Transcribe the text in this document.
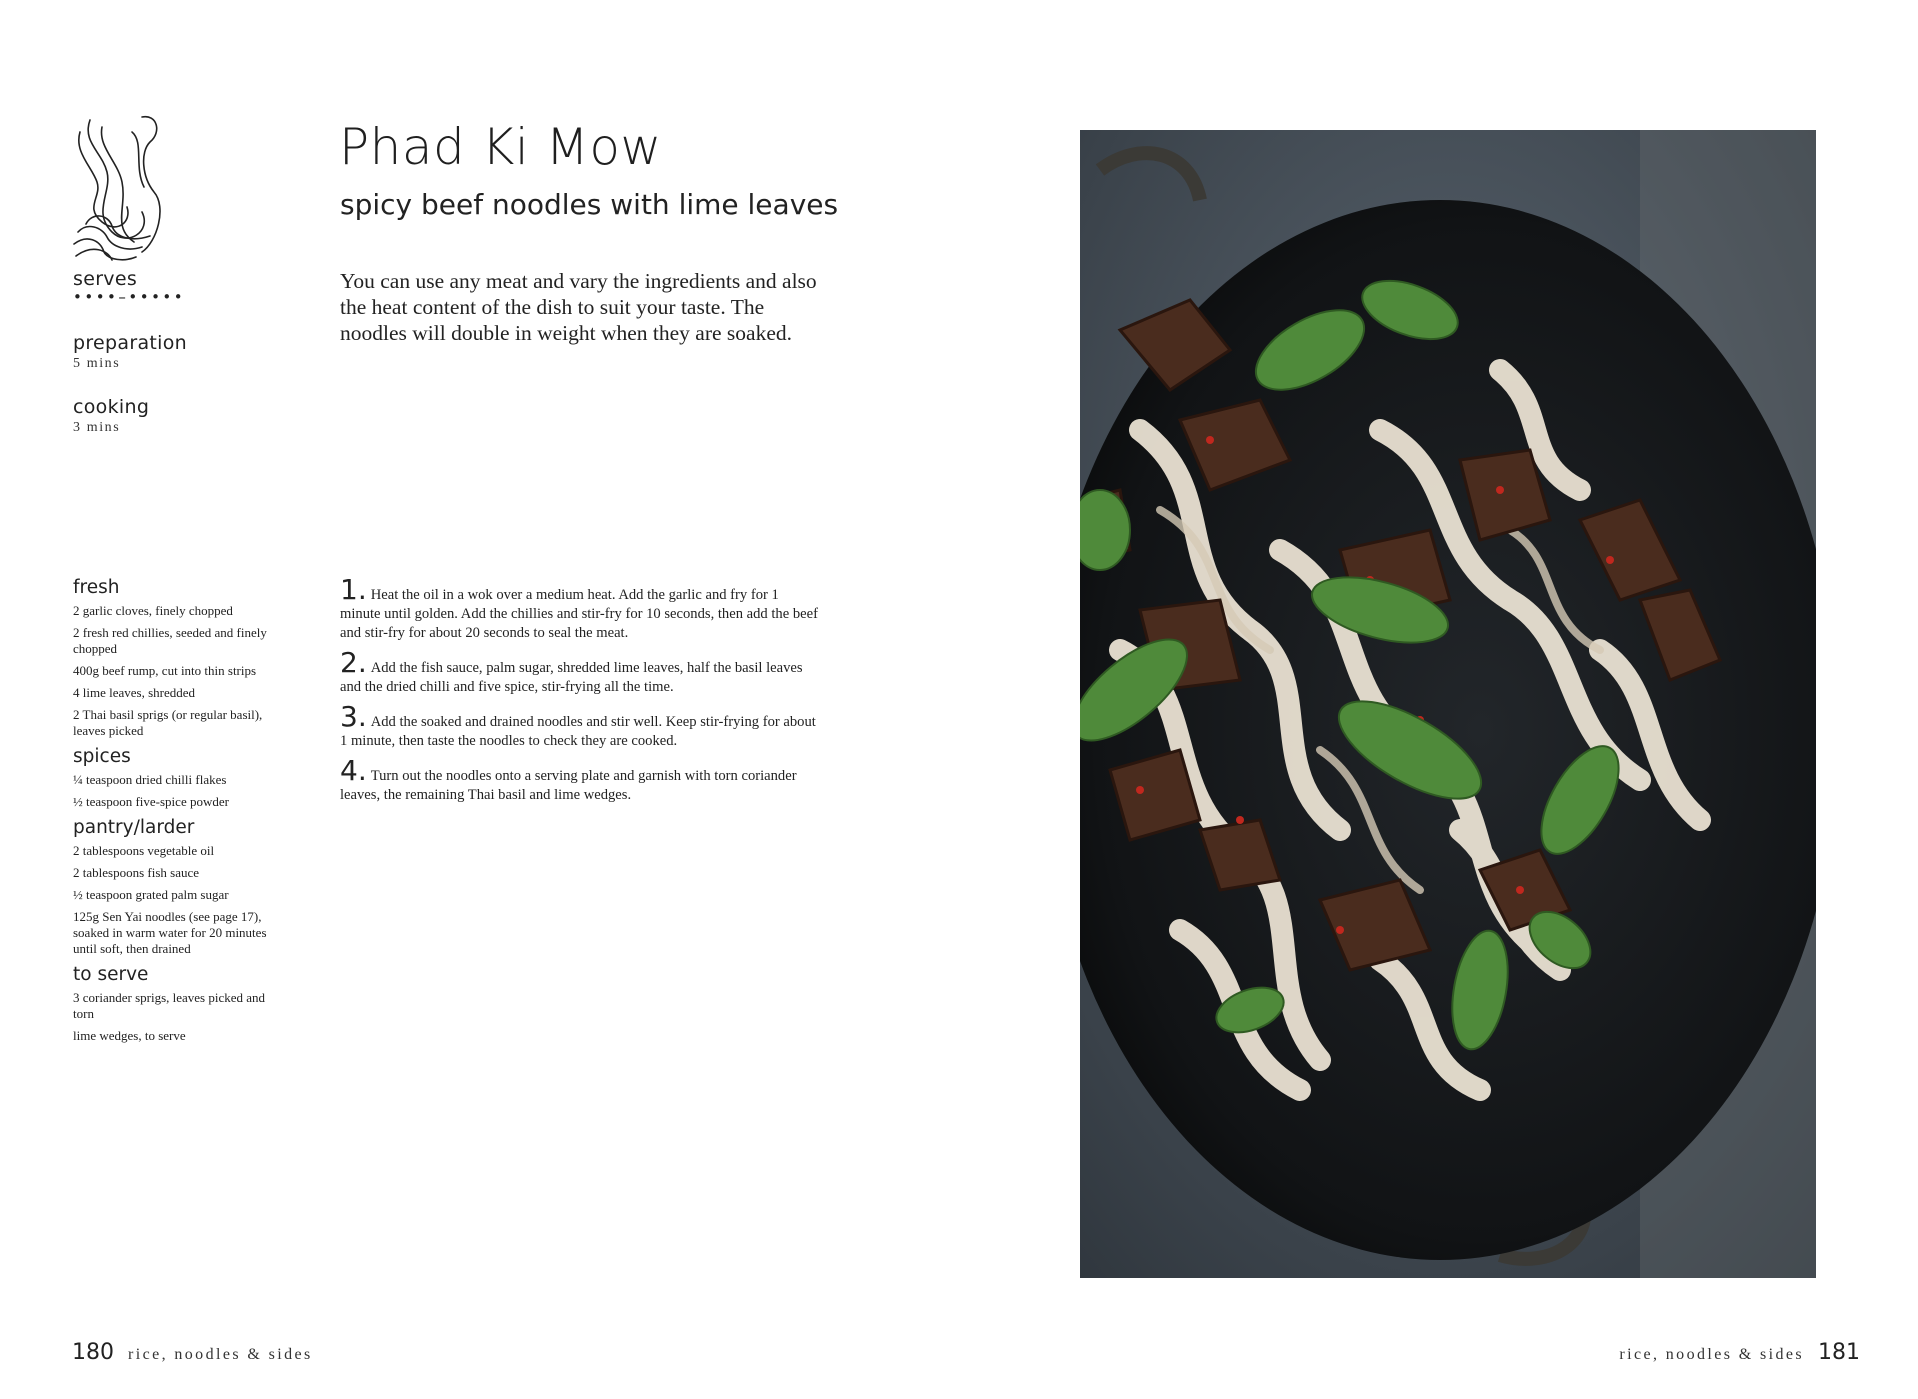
serves
••••–•••••
preparation
5 mins
cooking
3 mins
fresh
2 garlic cloves, finely chopped
2 fresh red chillies, seeded and finely chopped
400g beef rump, cut into thin strips
4 lime leaves, shredded
2 Thai basil sprigs (or regular basil), leaves picked
spices
¼ teaspoon dried chilli flakes
½ teaspoon five-spice powder
pantry/larder
2 tablespoons vegetable oil
2 tablespoons fish sauce
½ teaspoon grated palm sugar
125g Sen Yai noodles (see page 17), soaked in warm water for 20 minutes until soft, then drained
to serve
3 coriander sprigs, leaves picked and torn
lime wedges, to serve
Phad Ki Mow
spicy beef noodles with lime leaves
You can use any meat and vary the ingredients and also the heat content of the dish to suit your taste. The noodles will double in weight when they are soaked.
1. Heat the oil in a wok over a medium heat. Add the garlic and fry for 1 minute until golden. Add the chillies and stir-fry for 10 seconds, then add the beef and stir-fry for about 20 seconds to seal the meat.
2. Add the fish sauce, palm sugar, shredded lime leaves, half the basil leaves and the dried chilli and five spice, stir-frying all the time.
3. Add the soaked and drained noodles and stir well. Keep stir-frying for about 1 minute, then taste the noodles to check they are cooked.
4. Turn out the noodles onto a serving plate and garnish with torn coriander leaves, the remaining Thai basil and lime wedges.
180 rice, noodles & sides	rice, noodles & sides 181
